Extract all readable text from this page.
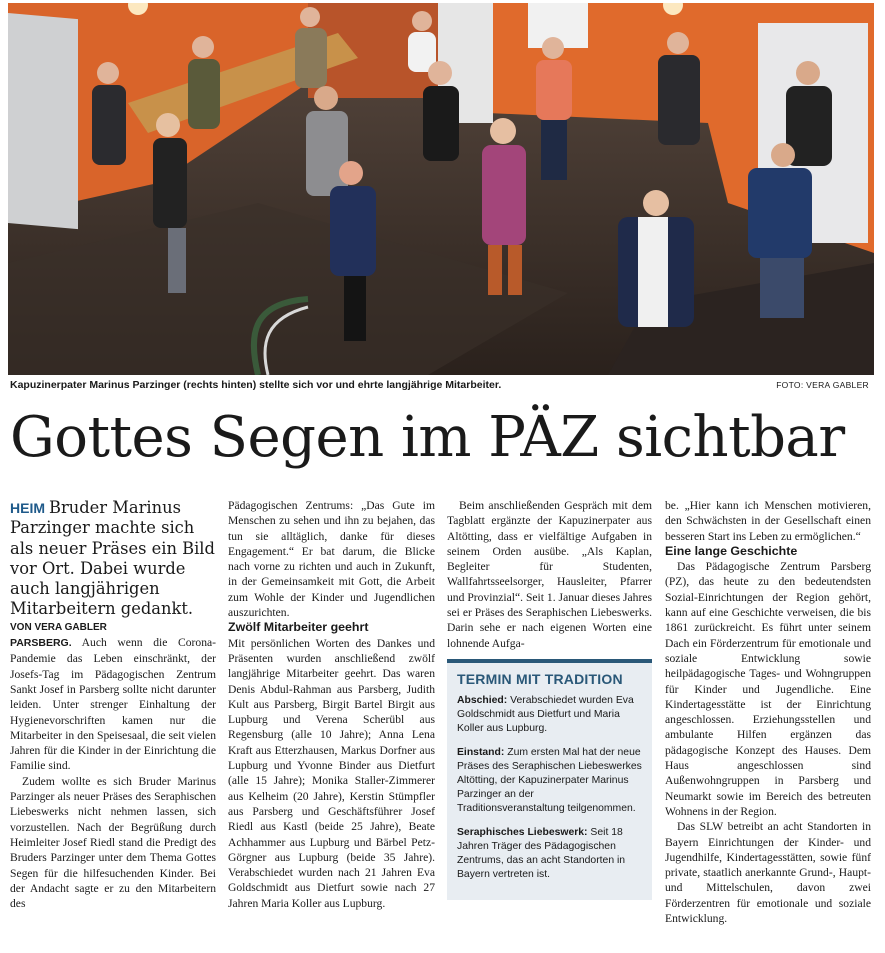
Kapuzinerpater Marinus Parzinger (rechts hinten) stellte sich vor und ehrte langjährige Mitarbeiter.	FOTO: VERA GABLER
Gottes Segen im PÄZ sichtbar

HEIM Bruder Marinus Parzinger machte sich als neuer Präses ein Bild vor Ort. Dabei wurde auch langjährigen Mitarbeitern gedankt.

VON VERA GABLER

PARSBERG. Auch wenn die Corona-Pandemie das Leben einschränkt, der Josefs-Tag im Pädagogischen Zentrum Sankt Josef in Parsberg sollte nicht darunter leiden. Unter strenger Einhaltung der Hygienevorschriften kamen nur die Mitarbeiter in den Speisesaal, die seit vielen Jahren für die Kinder in der Einrichtung die Familie sind.

Zudem wollte es sich Bruder Marinus Parzinger als neuer Präses des Seraphischen Liebeswerks nicht nehmen lassen, sich vorzustellen. Nach der Begrüßung durch Heimleiter Josef Riedl stand die Predigt des Bruders Parzinger unter dem Thema Gottes Segen für die hilfesuchenden Kinder. Bei der Andacht sagte er zu den Mitarbeitern des

Pädagogischen Zentrums: „Das Gute im Menschen zu sehen und ihn zu bejahen, das tun sie alltäglich, danke für dieses Engagement.“ Er bat darum, die Blicke nach vorne zu richten und auch in Zukunft, in der Gemeinsamkeit mit Gott, die Arbeit zum Wohle der Kinder und Jugendlichen auszurichten.

Zwölf Mitarbeiter geehrt

Mit persönlichen Worten des Dankes und Präsenten wurden anschließend zwölf langjährige Mitarbeiter geehrt. Das waren Denis Abdul-Rahman aus Parsberg, Judith Kult aus Parsberg, Birgit Bartel Birgit aus Lupburg und Verena Scherübl aus Regensburg (alle 10 Jahre); Anna Lena Kraft aus Etterzhausen, Markus Dorfner aus Lupburg und Yvonne Binder aus Dietfurt (alle 15 Jahre); Monika Staller-Zimmerer aus Kelheim (20 Jahre), Kerstin Stümpfler aus Parsberg und Geschäftsführer Josef Riedl aus Kastl (beide 25 Jahre), Beate Achhammer aus Lupburg und Bärbel Petz-Görgner aus Lupburg (beide 35 Jahre). Verabschiedet wurden nach 21 Jahren Eva Goldschmidt aus Dietfurt sowie nach 27 Jahren Maria Koller aus Lupburg.

Beim anschließenden Gespräch mit dem Tagblatt ergänzte der Kapuzinerpater aus Altötting, dass er vielfältige Aufgaben in seinem Orden ausübe. „Als Kaplan, Begleiter für Studenten, Wallfahrtsseelsorger, Hausleiter, Pfarrer und Provinzial“. Seit 1. Januar dieses Jahres sei er Präses des Seraphischen Liebeswerks. Darin sehe er nach eigenen Worten eine lohnende Aufga-

TERMIN MIT TRADITION

Abschied: Verabschiedet wurden Eva Goldschmidt aus Dietfurt und Maria Koller aus Lupburg.

Einstand: Zum ersten Mal hat der neue Präses des Seraphischen Liebeswerkes Altötting, der Kapuzinerpater Marinus Parzinger an der Traditionsveranstaltung teilgenommen.

Seraphisches Liebeswerk: Seit 18 Jahren Träger des Pädagogischen Zentrums, das an acht Standorten in Bayern vertreten ist.

be. „Hier kann ich Menschen motivieren, den Schwächsten in der Gesellschaft einen besseren Start ins Leben zu ermöglichen.“

Eine lange Geschichte

Das Pädagogische Zentrum Parsberg (PZ), das heute zu den bedeutendsten Sozial-Einrichtungen der Region gehört, kann auf eine Geschichte verweisen, die bis 1861 zurückreicht. Es führt unter seinem Dach ein Förderzentrum für emotionale und soziale Entwicklung sowie heilpädagogische Tages- und Wohngruppen für Kinder und Jugendliche. Eine Kindertagesstätte ist der Einrichtung angeschlossen. Erziehungsstellen und ambulante Hilfen ergänzen das pädagogische Konzept des Hauses. Dem Haus angeschlossen sind Außenwohngruppen in Parsberg und Neumarkt sowie im Bereich des betreuten Wohnens in der Region.

Das SLW betreibt an acht Standorten in Bayern Einrichtungen der Kinder- und Jugendhilfe, Kindertagesstätten, sowie fünf private, staatlich anerkannte Grund-, Haupt- und Mittelschulen, davon zwei Förderzentren für emotionale und soziale Entwicklung.
